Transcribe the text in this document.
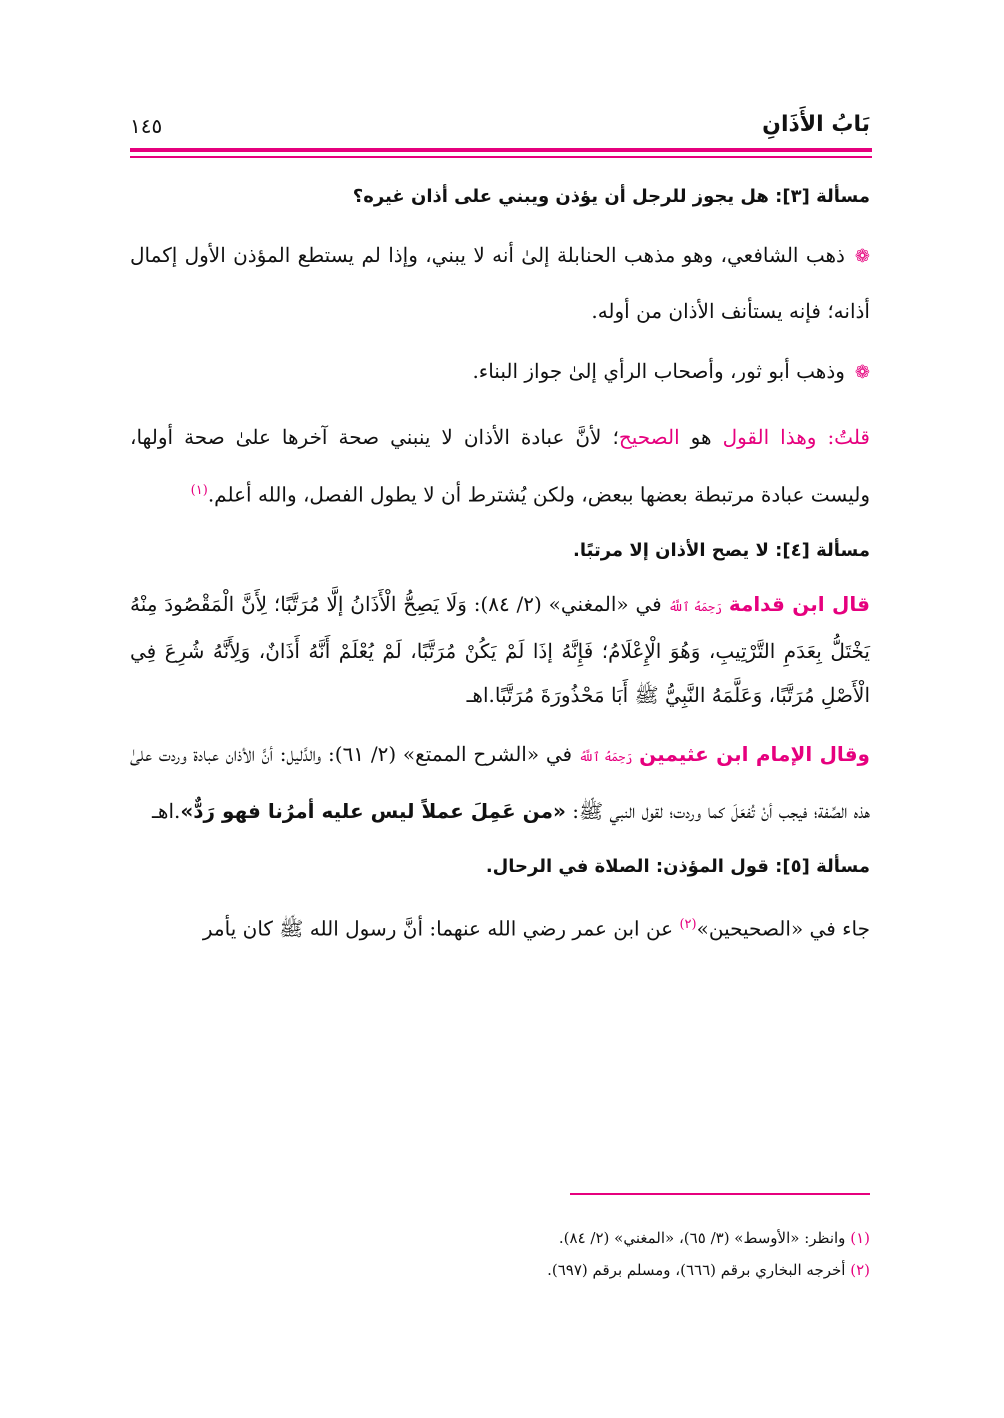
بَابُ الأَذَانِ
١٤٥
مسألة [٣]: هل يجوز للرجل أن يؤذن ويبني على أذان غيره؟

❁ذهب الشافعي، وهو مذهب الحنابلة إلىٰ أنه لا يبني، وإذا لم يستطع المؤذن الأول إكمال أذانه؛ فإنه يستأنف الأذان من أوله.

❁وذهب أبو ثور، وأصحاب الرأي إلىٰ جواز البناء.

قلتُ: وهذا القول هو الصحيح؛ لأنَّ عبادة الأذان لا ينبني صحة آخرها علىٰ صحة أولها، وليست عبادة مرتبطة بعضها ببعض، ولكن يُشترط أن لا يطول الفصل، والله أعلم.$^{(١)}$

مسألة [٤]: لا يصح الأذان إلا مرتبًا.

قال ابن قدامة رَحِمَهُ ٱللَّهُ في «المغني» (٢/ ٨٤): وَلَا يَصِحُّ الْأَذَانُ إلَّا مُرَتَّبًا؛ لِأَنَّ الْمَقْصُودَ مِنْهُ يَخْتَلُّ بِعَدَمِ التَّرْتِيبِ، وَهُوَ الْإِعْلَامُ؛ فَإِنَّهُ إذَا لَمْ يَكُنْ مُرَتَّبًا، لَمْ يُعْلَمْ أَنَّهُ أَذَانٌ، وَلِأَنَّهُ شُرِعَ فِي الْأَصْلِ مُرَتَّبًا، وَعَلَّمَهُ النَّبِيُّ ﷺ أَبَا مَحْذُورَةَ مُرَتَّبًا.اهـ

وقال الإمام ابن عثيمين رَحِمَهُ ٱللَّهُ في «الشرح الممتع» (٢/ ٦١): والدَّليل: أنَّ الأذان عبادة وردت علىٰ هذه الصِّفة؛ فيجب أنْ تُفعَلَ كما وردت؛ لقول النبي ﷺ: «من عَمِلَ عملاً ليس عليه أمرُنا فهو رَدٌّ».اهـ

مسألة [٥]: قول المؤذن: الصلاة في الرحال.

جاء في «الصحيحين»$^{(٢)}$ عن ابن عمر رضي الله عنهما: أنَّ رسول الله ﷺ كان يأمر

(١) وانظر: «الأوسط» (٣/ ٦٥)، «المغني» (٢/ ٨٤).
(٢) أخرجه البخاري برقم (٦٦٦)، ومسلم برقم (٦٩٧).
